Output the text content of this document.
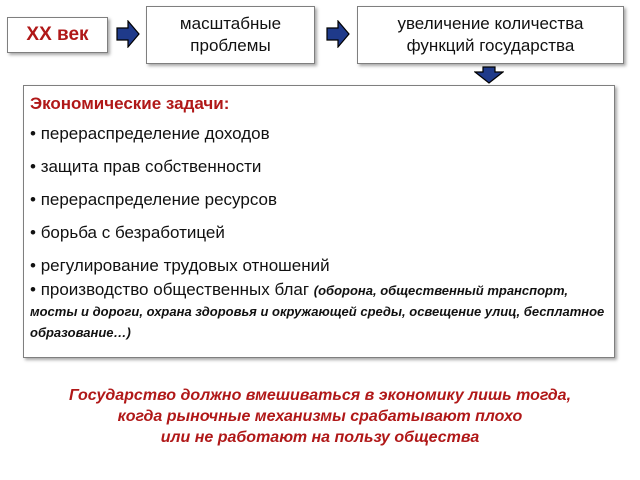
XX век
масштабные
проблемы
увеличение количества
функций государства
Экономические задачи:
• перераспределение доходов
• защита прав собственности
• перераспределение ресурсов
• борьба с безработицей
• регулирование трудовых отношений
• производство общественных благ (оборона, общественный транспорт, мосты и дороги, охрана здоровья и окружающей среды, освещение улиц, бесплатное образование…)
Государство должно вмешиваться в экономику лишь тогда,
когда рыночные механизмы срабатывают плохо
или не работают на пользу общества
